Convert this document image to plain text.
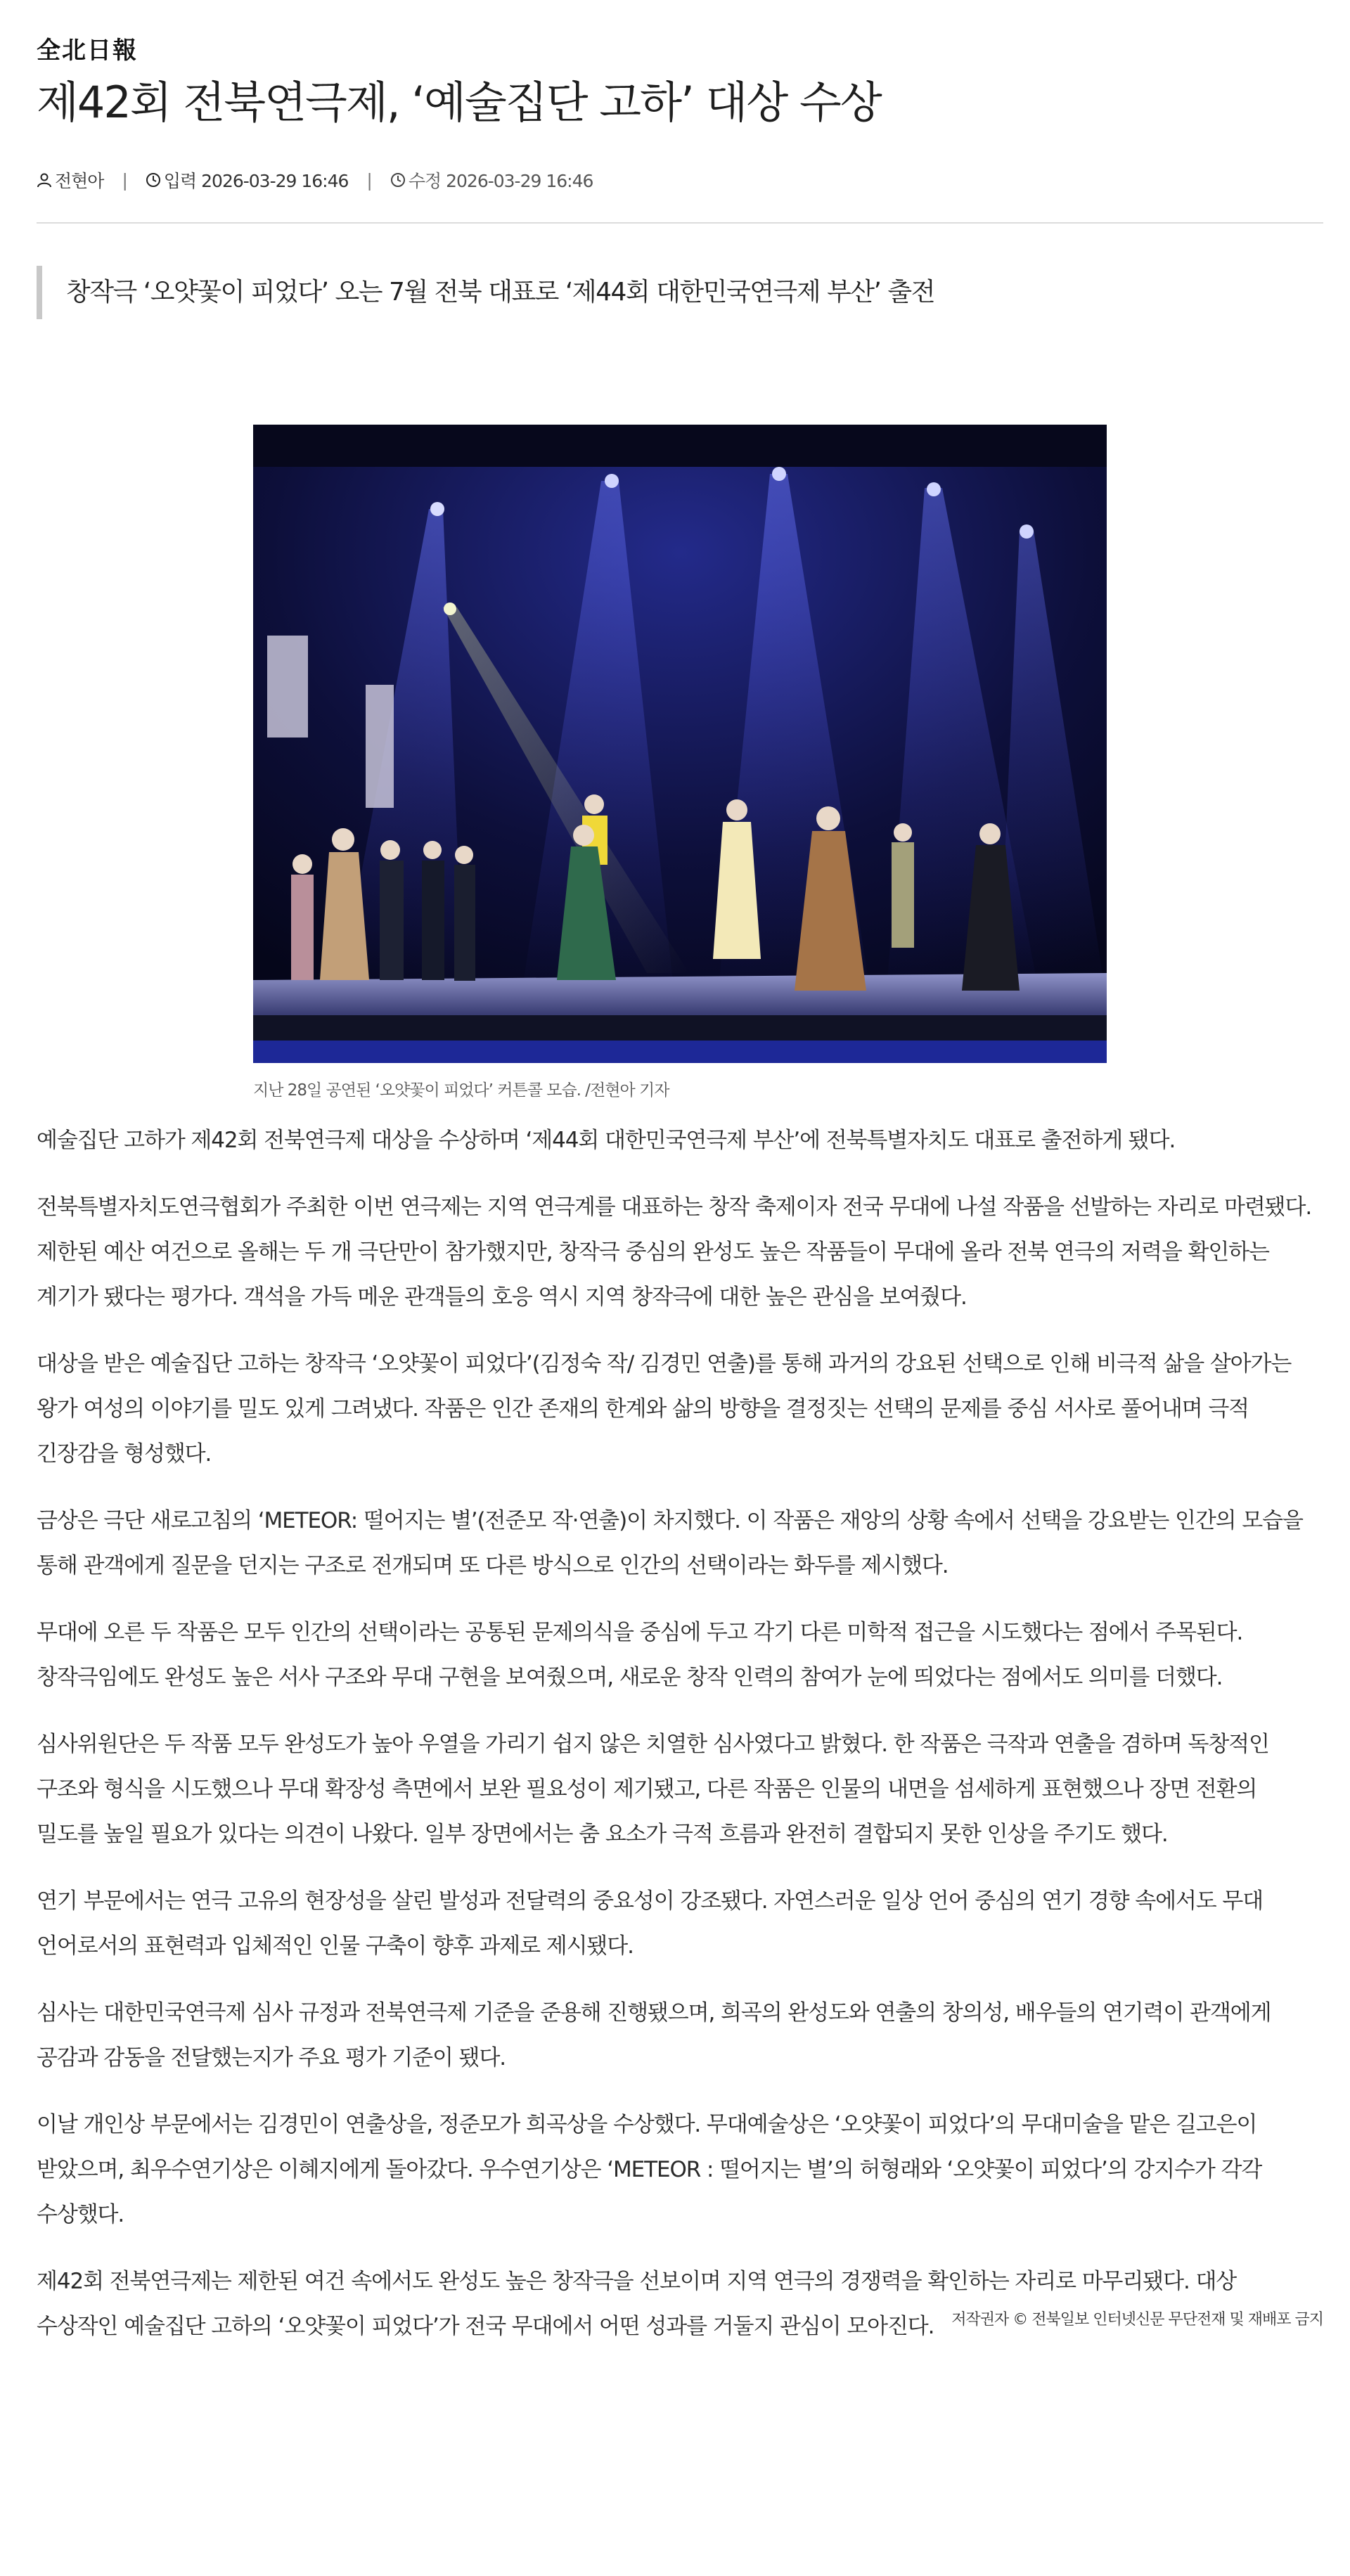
全北日報
제42회 전북연극제, ‘예술집단 고하’ 대상 수상
전현아 | 입력 2026-03-29 16:46 | 수정 2026-03-29 16:46
창작극 ‘오얏꽃이 피었다’ 오는 7월 전북 대표로 ‘제44회 대한민국연극제 부산’ 출전
지난 28일 공연된 ‘오얏꽃이 피었다’ 커튼콜 모습. /전현아 기자

예술집단 고하가 제42회 전북연극제 대상을 수상하며 ‘제44회 대한민국연극제 부산’에 전북특별자치도 대표로 출전하게 됐다.

전북특별자치도연극협회가 주최한 이번 연극제는 지역 연극계를 대표하는 창작 축제이자 전국 무대에 나설 작품을 선발하는 자리로 마련됐다. 제한된 예산 여건으로 올해는 두 개 극단만이 참가했지만, 창작극 중심의 완성도 높은 작품들이 무대에 올라 전북 연극의 저력을 확인하는 계기가 됐다는 평가다. 객석을 가득 메운 관객들의 호응 역시 지역 창작극에 대한 높은 관심을 보여줬다.

대상을 받은 예술집단 고하는 창작극 ‘오얏꽃이 피었다’(김정숙 작/ 김경민 연출)를 통해 과거의 강요된 선택으로 인해 비극적 삶을 살아가는 왕가 여성의 이야기를 밀도 있게 그려냈다. 작품은 인간 존재의 한계와 삶의 방향을 결정짓는 선택의 문제를 중심 서사로 풀어내며 극적 긴장감을 형성했다.

금상은 극단 새로고침의 ‘METEOR: 떨어지는 별’(전준모 작·연출)이 차지했다. 이 작품은 재앙의 상황 속에서 선택을 강요받는 인간의 모습을 통해 관객에게 질문을 던지는 구조로 전개되며 또 다른 방식으로 인간의 선택이라는 화두를 제시했다.

무대에 오른 두 작품은 모두 인간의 선택이라는 공통된 문제의식을 중심에 두고 각기 다른 미학적 접근을 시도했다는 점에서 주목된다. 창작극임에도 완성도 높은 서사 구조와 무대 구현을 보여줬으며, 새로운 창작 인력의 참여가 눈에 띄었다는 점에서도 의미를 더했다.

심사위원단은 두 작품 모두 완성도가 높아 우열을 가리기 쉽지 않은 치열한 심사였다고 밝혔다. 한 작품은 극작과 연출을 겸하며 독창적인 구조와 형식을 시도했으나 무대 확장성 측면에서 보완 필요성이 제기됐고, 다른 작품은 인물의 내면을 섬세하게 표현했으나 장면 전환의 밀도를 높일 필요가 있다는 의견이 나왔다. 일부 장면에서는 춤 요소가 극적 흐름과 완전히 결합되지 못한 인상을 주기도 했다.

연기 부문에서는 연극 고유의 현장성을 살린 발성과 전달력의 중요성이 강조됐다. 자연스러운 일상 언어 중심의 연기 경향 속에서도 무대 언어로서의 표현력과 입체적인 인물 구축이 향후 과제로 제시됐다.

심사는 대한민국연극제 심사 규정과 전북연극제 기준을 준용해 진행됐으며, 희곡의 완성도와 연출의 창의성, 배우들의 연기력이 관객에게 공감과 감동을 전달했는지가 주요 평가 기준이 됐다.

이날 개인상 부문에서는 김경민이 연출상을, 정준모가 희곡상을 수상했다. 무대예술상은 ‘오얏꽃이 피었다’의 무대미술을 맡은 길고은이 받았으며, 최우수연기상은 이혜지에게 돌아갔다. 우수연기상은 ‘METEOR : 떨어지는 별’의 허형래와 ‘오얏꽃이 피었다’의 강지수가 각각 수상했다.

제42회 전북연극제는 제한된 여건 속에서도 완성도 높은 창작극을 선보이며 지역 연극의 경쟁력을 확인하는 자리로 마무리됐다. 대상 수상작인 예술집단 고하의 ‘오얏꽃이 피었다’가 전국 무대에서 어떤 성과를 거둘지 관심이 모아진다.	저작권자 © 전북일보 인터넷신문 무단전재 및 재배포 금지
